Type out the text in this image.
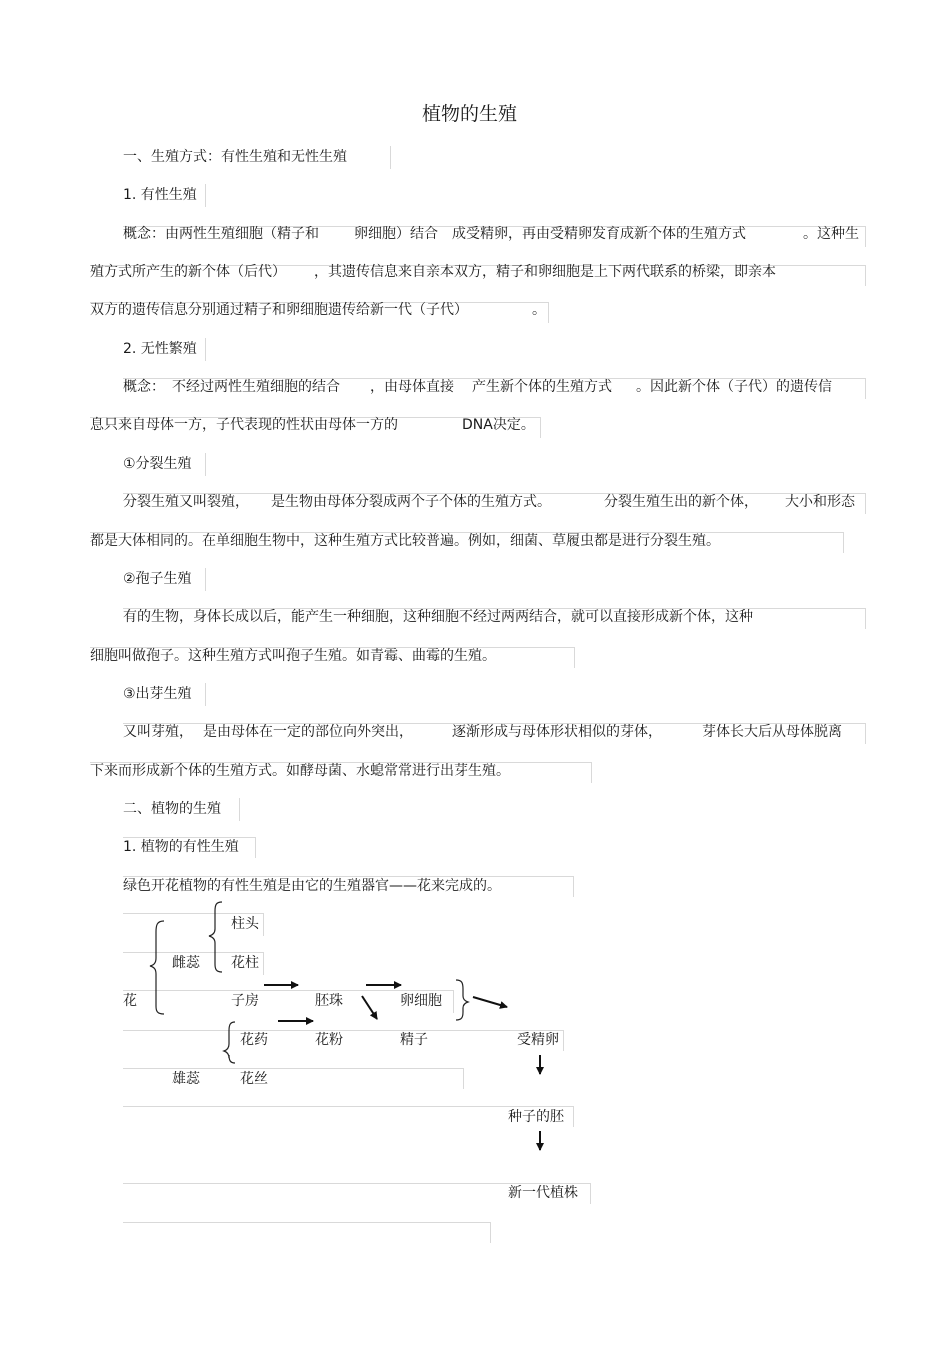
植物的生殖
一、生殖方式：有性生殖和无性生殖
1. 有性生殖
概念：由两性生殖细胞（精子和	卵细胞）结合 成受精卵，再由受精卵发育成新个体的生殖方式	。这种生
殖方式所产生的新个体（后代） ，其遗传信息来自亲本双方，精子和卵细胞是上下两代联系的桥梁，即亲本
双方的遗传信息分别通过精子和卵细胞遗传给新一代（子代）	。
2. 无性繁殖
概念： 不经过两性生殖细胞的结合 ，由母体直接 产生新个体的生殖方式 。因此新个体（子代）的遗传信
息只来自母体一方，子代表现的性状由母体一方的	DNA决定。
①分裂生殖
分裂生殖又叫裂殖， 是生物由母体分裂成两个子个体的生殖方式。	分裂生殖生出的新个体， 大小和形态
都是大体相同的。在单细胞生物中，这种生殖方式比较普遍。例如，细菌、草履虫都是进行分裂生殖。
②孢子生殖
有的生物，身体长成以后，能产生一种细胞，这种细胞不经过两两结合，就可以直接形成新个体，这种
细胞叫做孢子。这种生殖方式叫孢子生殖。如青霉、曲霉的生殖。
③出芽生殖
又叫芽殖， 是由母体在一定的部位向外突出，	逐渐形成与母体形状相似的芽体，	芽体长大后从母体脱离
下来而形成新个体的生殖方式。如酵母菌、水螅常常进行出芽生殖。
二、植物的生殖
1. 植物的有性生殖
绿色开花植物的有性生殖是由它的生殖器官——花来完成的。
柱头
雌蕊 花柱
花	子房	胚珠	卵细胞
花药	花粉	精子	受精卵
雄蕊	花丝
种子的胚
新一代植株
